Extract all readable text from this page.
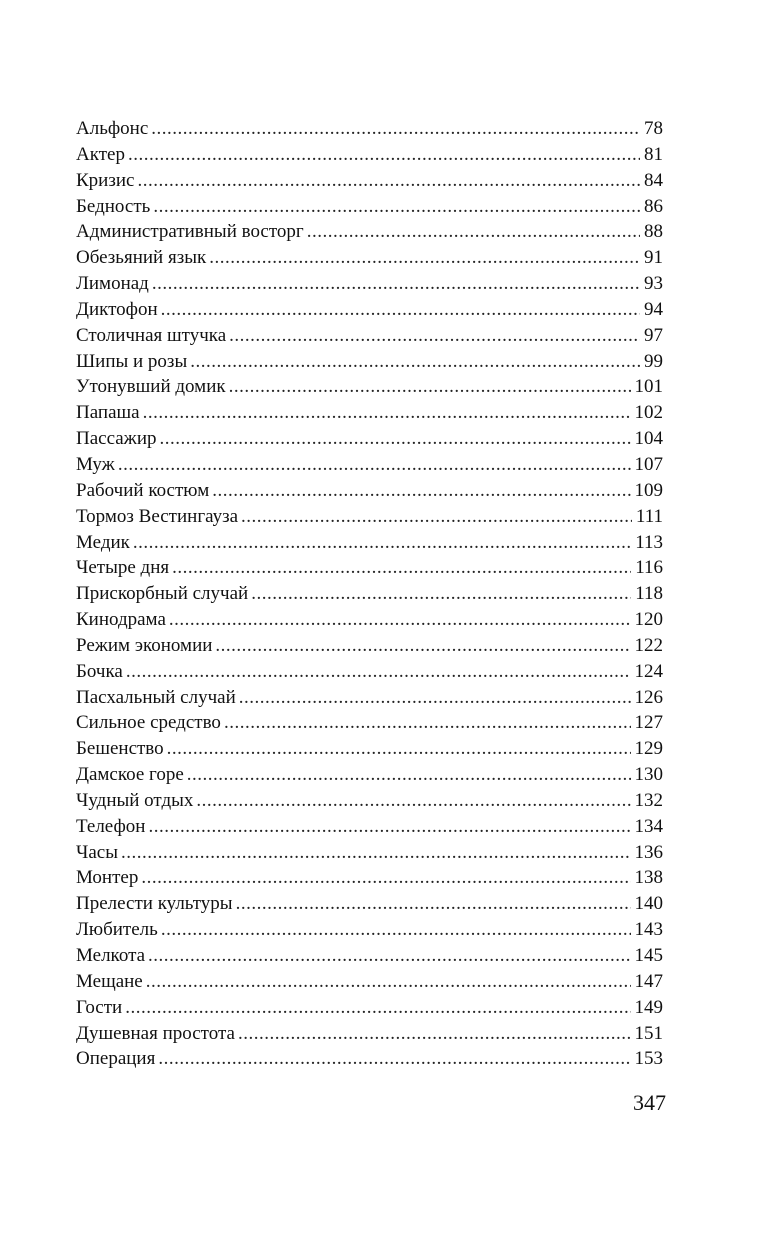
Альфонс .....	78
Актер .....	81
Кризис .....	84
Бедность .....	86
Административный восторг .....	88
Обезьяний язык .....	91
Лимонад .....	93
Диктофон .....	94
Столичная штучка .....	97
Шипы и розы .....	99
Утонувший домик .....	101
Папаша .....	102
Пассажир .....	104
Муж .....	107
Рабочий костюм .....	109
Тормоз Вестингауза .....	111
Медик .....	113
Четыре дня .....	116
Прискорбный случай .....	118
Кинодрама .....	120
Режим экономии .....	122
Бочка .....	124
Пасхальный случай .....	126
Сильное средство .....	127
Бешенство .....	129
Дамское горе .....	130
Чудный отдых .....	132
Телефон .....	134
Часы .....	136
Монтер .....	138
Прелести культуры .....	140
Любитель .....	143
Мелкота .....	145
Мещане .....	147
Гости .....	149
Душевная простота .....	151
Операция .....	153
347
